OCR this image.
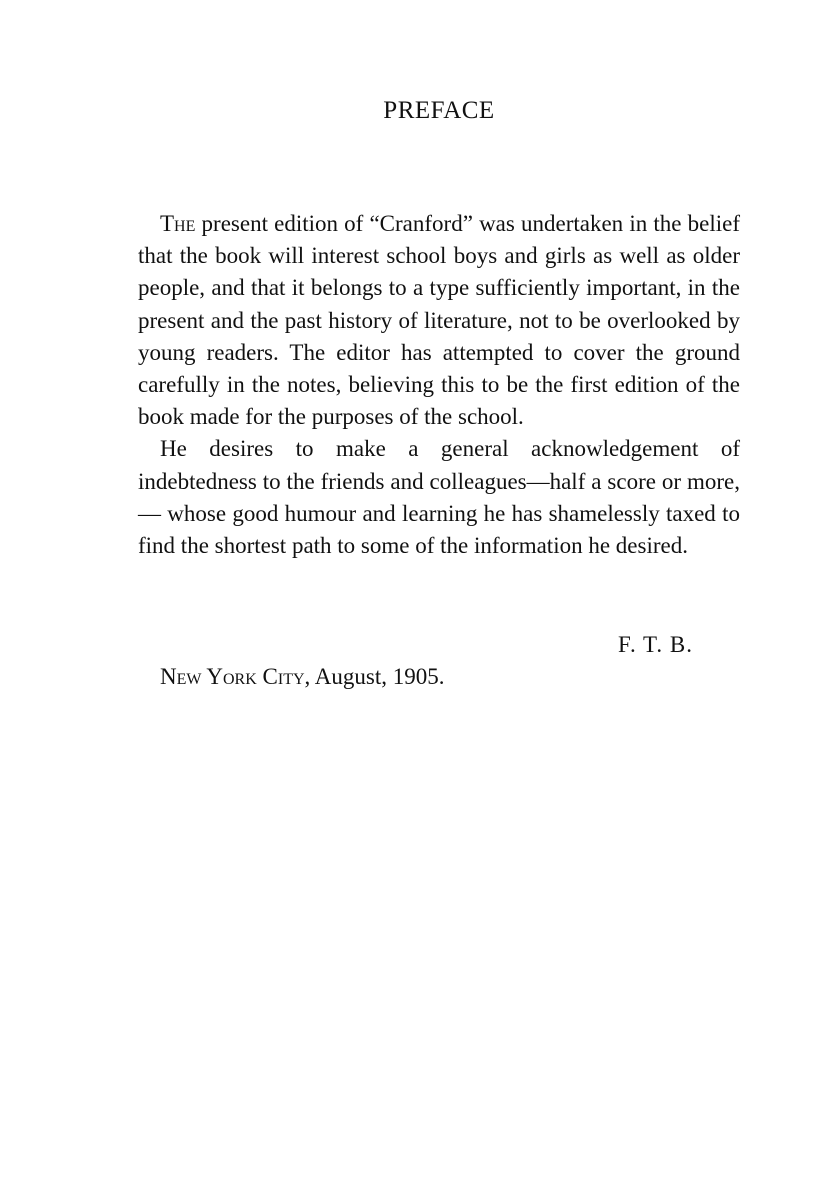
PREFACE

The present edition of “Cranford” was undertaken in the belief that the book will interest school boys and girls as well as older people, and that it belongs to a type sufficiently important, in the present and the past history of literature, not to be overlooked by young readers. The editor has attempted to cover the ground carefully in the notes, believing this to be the first edition of the book made for the purposes of the school.

He desires to make a general acknowledgement of indebtedness to the friends and colleagues—half a score or more, — whose good humour and learning he has shamelessly taxed to find the shortest path to some of the information he desired.

F. T. B.
New York City, August, 1905.
